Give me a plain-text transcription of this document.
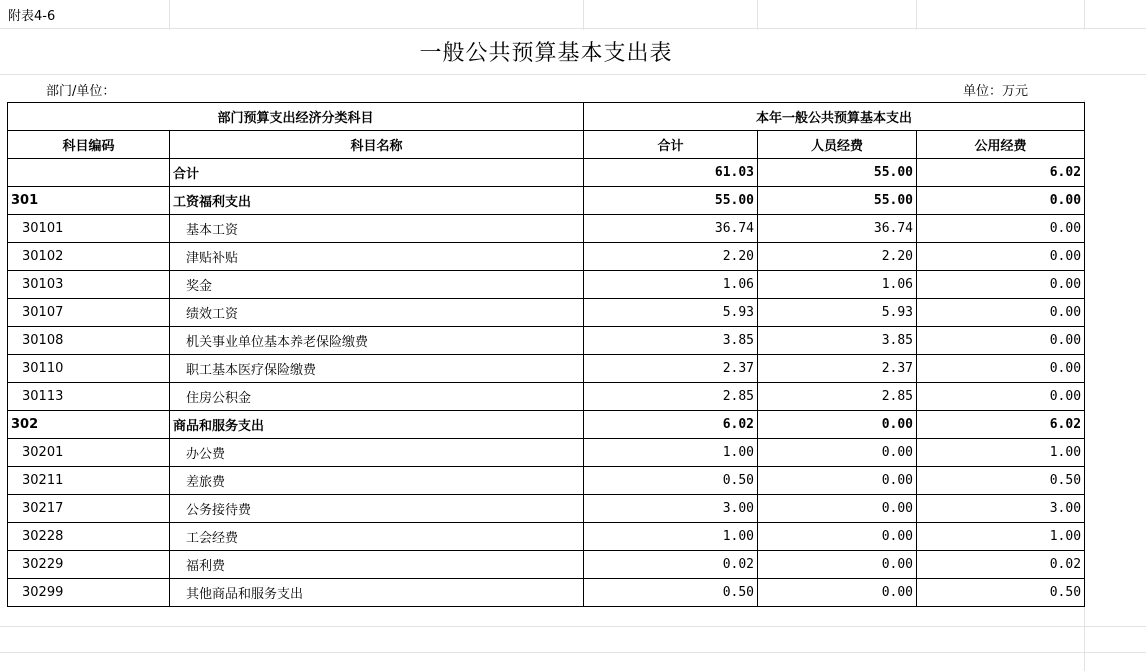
附表4-6
一般公共预算基本支出表
部门/单位：	单位：万元
部门预算支出经济分类科目		本年一般公共预算基本支出		
科目编码	科目名称	合计	人员经费	公用经费
	合计	61.03	55.00	6.02
301	工资福利支出	55.00	55.00	0.00
30101	基本工资	36.74	36.74	0.00
30102	津贴补贴	2.20	2.20	0.00
30103	奖金	1.06	1.06	0.00
30107	绩效工资	5.93	5.93	0.00
30108	机关事业单位基本养老保险缴费	3.85	3.85	0.00
30110	职工基本医疗保险缴费	2.37	2.37	0.00
30113	住房公积金	2.85	2.85	0.00
302	商品和服务支出	6.02	0.00	6.02
30201	办公费	1.00	0.00	1.00
30211	差旅费	0.50	0.00	0.50
30217	公务接待费	3.00	0.00	3.00
30228	工会经费	1.00	0.00	1.00
30229	福利费	0.02	0.00	0.02
30299	其他商品和服务支出	0.50	0.00	0.50
